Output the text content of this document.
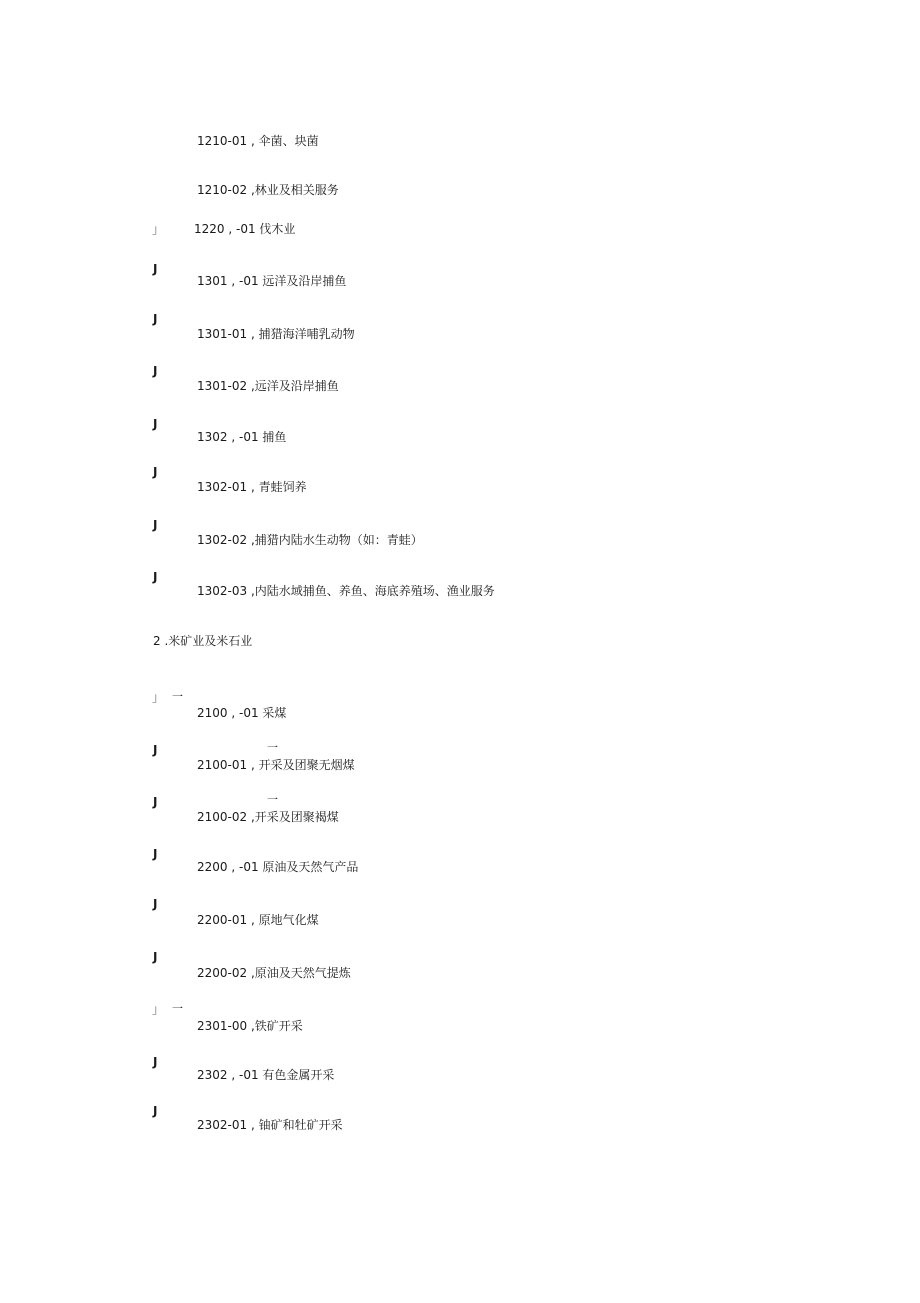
1210-01 , 伞菌、块菌
1210-02 ,林业及相关服务
」 1220 , -01 伐木业
J
1301 , -01 远洋及沿岸捕鱼
J
1301-01 , 捕猎海洋哺乳动物
J
1301-02 ,远洋及沿岸捕鱼
J
1302 , -01 捕鱼
J
1302-01 , 青蛙饲养
J
1302-02 ,捕猎内陆水生动物（如：青蛙）
J
1302-03 ,内陆水域捕鱼、养鱼、海底养殖场、渔业服务
2 .米矿业及米石业
」 一
2100 , -01 采煤
J	一
2100-01 , 开采及团聚无烟煤
J	一
2100-02 ,开采及团聚褐煤
J
2200 , -01 原油及天然气产品
J
2200-01 , 原地气化煤
J
2200-02 ,原油及天然气提炼
」 一
2301-00 ,铁矿开采
J
2302 , -01 有色金属开采
J
2302-01 , 铀矿和牡矿开采
